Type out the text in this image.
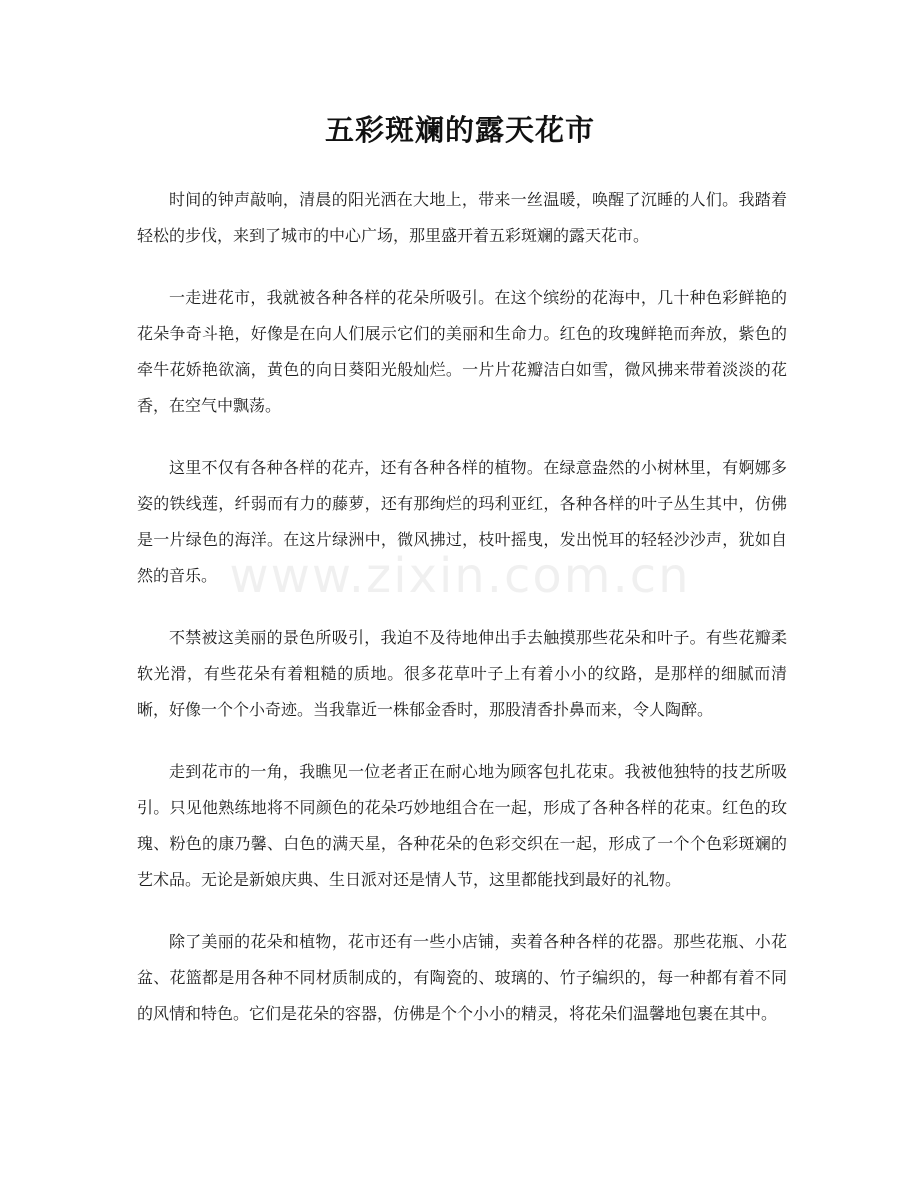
五彩斑斓的露天花市

时间的钟声敲响，清晨的阳光洒在大地上，带来一丝温暖，唤醒了沉睡的人们。我踏着轻松的步伐，来到了城市的中心广场，那里盛开着五彩斑斓的露天花市。

一走进花市，我就被各种各样的花朵所吸引。在这个缤纷的花海中，几十种色彩鲜艳的花朵争奇斗艳，好像是在向人们展示它们的美丽和生命力。红色的玫瑰鲜艳而奔放，紫色的牵牛花娇艳欲滴，黄色的向日葵阳光般灿烂。一片片花瓣洁白如雪，微风拂来带着淡淡的花香，在空气中飘荡。

这里不仅有各种各样的花卉，还有各种各样的植物。在绿意盎然的小树林里，有婀娜多姿的铁线莲，纤弱而有力的藤萝，还有那绚烂的玛利亚红，各种各样的叶子丛生其中，仿佛是一片绿色的海洋。在这片绿洲中，微风拂过，枝叶摇曳，发出悦耳的轻轻沙沙声，犹如自然的音乐。

不禁被这美丽的景色所吸引，我迫不及待地伸出手去触摸那些花朵和叶子。有些花瓣柔软光滑，有些花朵有着粗糙的质地。很多花草叶子上有着小小的纹路，是那样的细腻而清晰，好像一个个小奇迹。当我靠近一株郁金香时，那股清香扑鼻而来，令人陶醉。

走到花市的一角，我瞧见一位老者正在耐心地为顾客包扎花束。我被他独特的技艺所吸引。只见他熟练地将不同颜色的花朵巧妙地组合在一起，形成了各种各样的花束。红色的玫瑰、粉色的康乃馨、白色的满天星，各种花朵的色彩交织在一起，形成了一个个色彩斑斓的艺术品。无论是新娘庆典、生日派对还是情人节，这里都能找到最好的礼物。

除了美丽的花朵和植物，花市还有一些小店铺，卖着各种各样的花器。那些花瓶、小花盆、花篮都是用各种不同材质制成的，有陶瓷的、玻璃的、竹子编织的，每一种都有着不同的风情和特色。它们是花朵的容器，仿佛是个个小小的精灵，将花朵们温馨地包裹在其中。

www.zixin.com.cn
